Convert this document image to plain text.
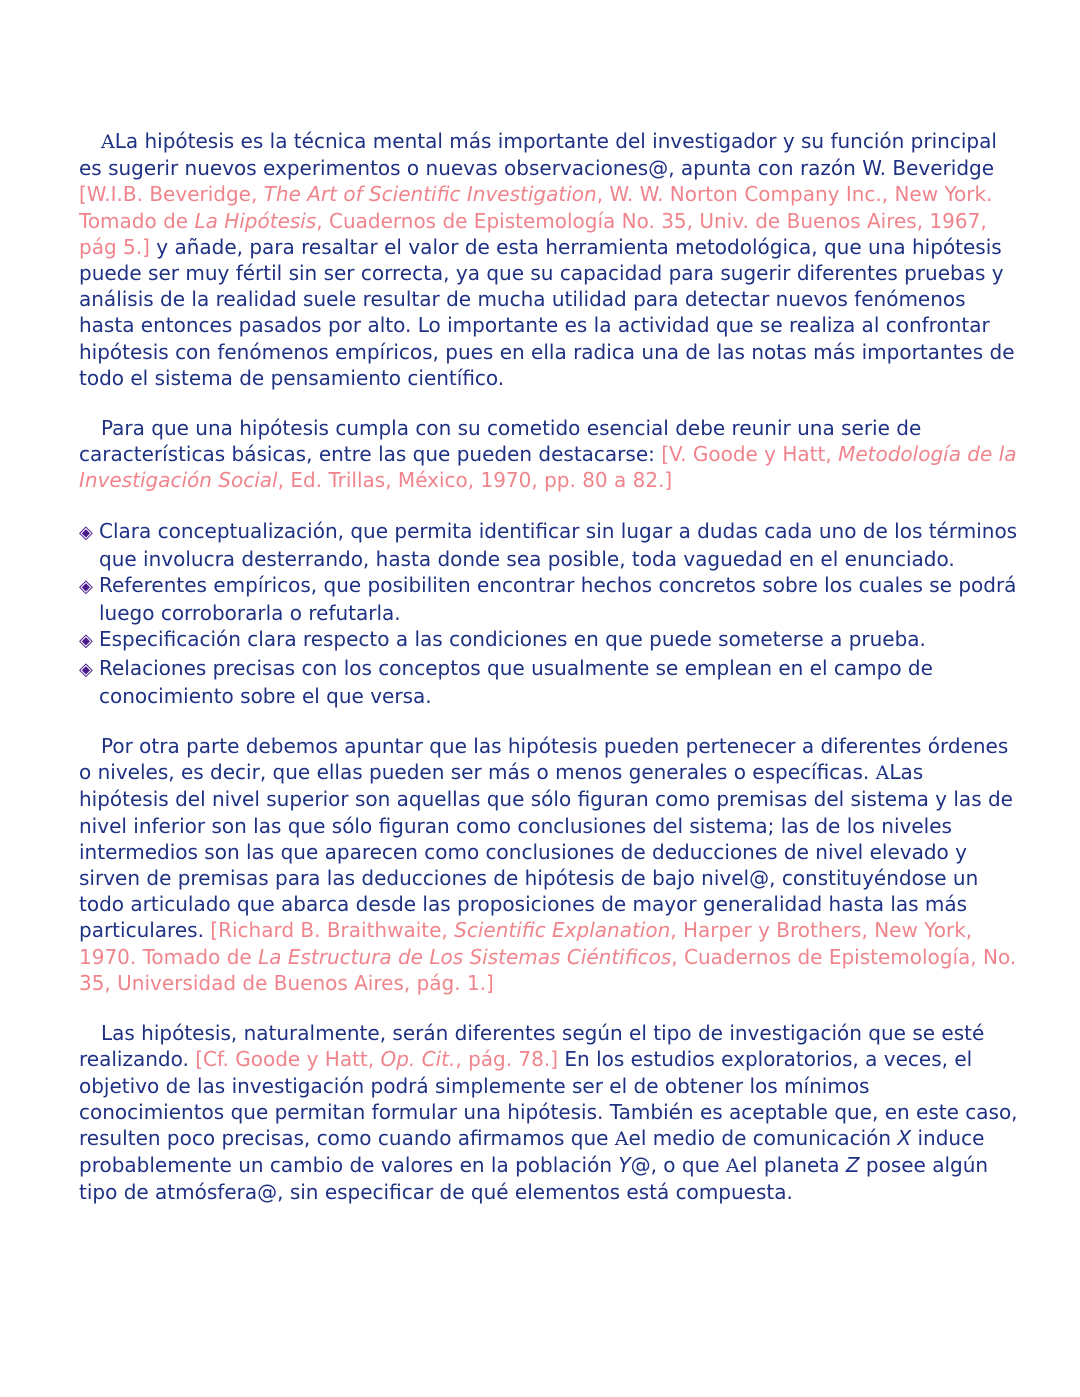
ALa hipótesis es la técnica mental más importante del investigador y su función principal es sugerir nuevos experimentos o nuevas observaciones@, apunta con razón W. Beveridge [W.I.B. Beveridge, The Art of Scientific Investigation, W. W. Norton Company Inc., New York. Tomado de La Hipótesis, Cuadernos de Epistemología No. 35, Univ. de Buenos Aires, 1967, pág 5.] y añade, para resaltar el valor de esta herramienta metodológica, que una hipótesis puede ser muy fértil sin ser correcta, ya que su capacidad para sugerir diferentes pruebas y análisis de la realidad suele resultar de mucha utilidad para detectar nuevos fenómenos hasta entonces pasados por alto. Lo importante es la actividad que se realiza al confrontar hipótesis con fenómenos empíricos, pues en ella radica una de las notas más importantes de todo el sistema de pensamiento científico.

Para que una hipótesis cumpla con su cometido esencial debe reunir una serie de características básicas, entre las que pueden destacarse: [V. Goode y Hatt, Metodología de la Investigación Social, Ed. Trillas, México, 1970, pp. 80 a 82.]

◈ Clara conceptualización, que permita identificar sin lugar a dudas cada uno de los términos que involucra desterrando, hasta donde sea posible, toda vaguedad en el enunciado.
◈ Referentes empíricos, que posibiliten encontrar hechos concretos sobre los cuales se podrá luego corroborarla o refutarla.
◈ Especificación clara respecto a las condiciones en que puede someterse a prueba.
◈ Relaciones precisas con los conceptos que usualmente se emplean en el campo de conocimiento sobre el que versa.

Por otra parte debemos apuntar que las hipótesis pueden pertenecer a diferentes órdenes o niveles, es decir, que ellas pueden ser más o menos generales o específicas. ALas hipótesis del nivel superior son aquellas que sólo figuran como premisas del sistema y las de nivel inferior son las que sólo figuran como conclusiones del sistema; las de los niveles intermedios son las que aparecen como conclusiones de deducciones de nivel elevado y sirven de premisas para las deducciones de hipótesis de bajo nivel@, constituyéndose un todo articulado que abarca desde las proposiciones de mayor generalidad hasta las más particulares. [Richard B. Braithwaite, Scientific Explanation, Harper y Brothers, New York, 1970. Tomado de La Estructura de Los Sistemas Ciéntificos, Cuadernos de Epistemología, No. 35, Universidad de Buenos Aires, pág. 1.]

Las hipótesis, naturalmente, serán diferentes según el tipo de investigación que se esté realizando. [Cf. Goode y Hatt, Op. Cit., pág. 78.] En los estudios exploratorios, a veces, el objetivo de las investigación podrá simplemente ser el de obtener los mínimos conocimientos que permitan formular una hipótesis. También es aceptable que, en este caso, resulten poco precisas, como cuando afirmamos que Ael medio de comunicación X induce probablemente un cambio de valores en la población Y@, o que Ael planeta Z posee algún tipo de atmósfera@, sin especificar de qué elementos está compuesta.
